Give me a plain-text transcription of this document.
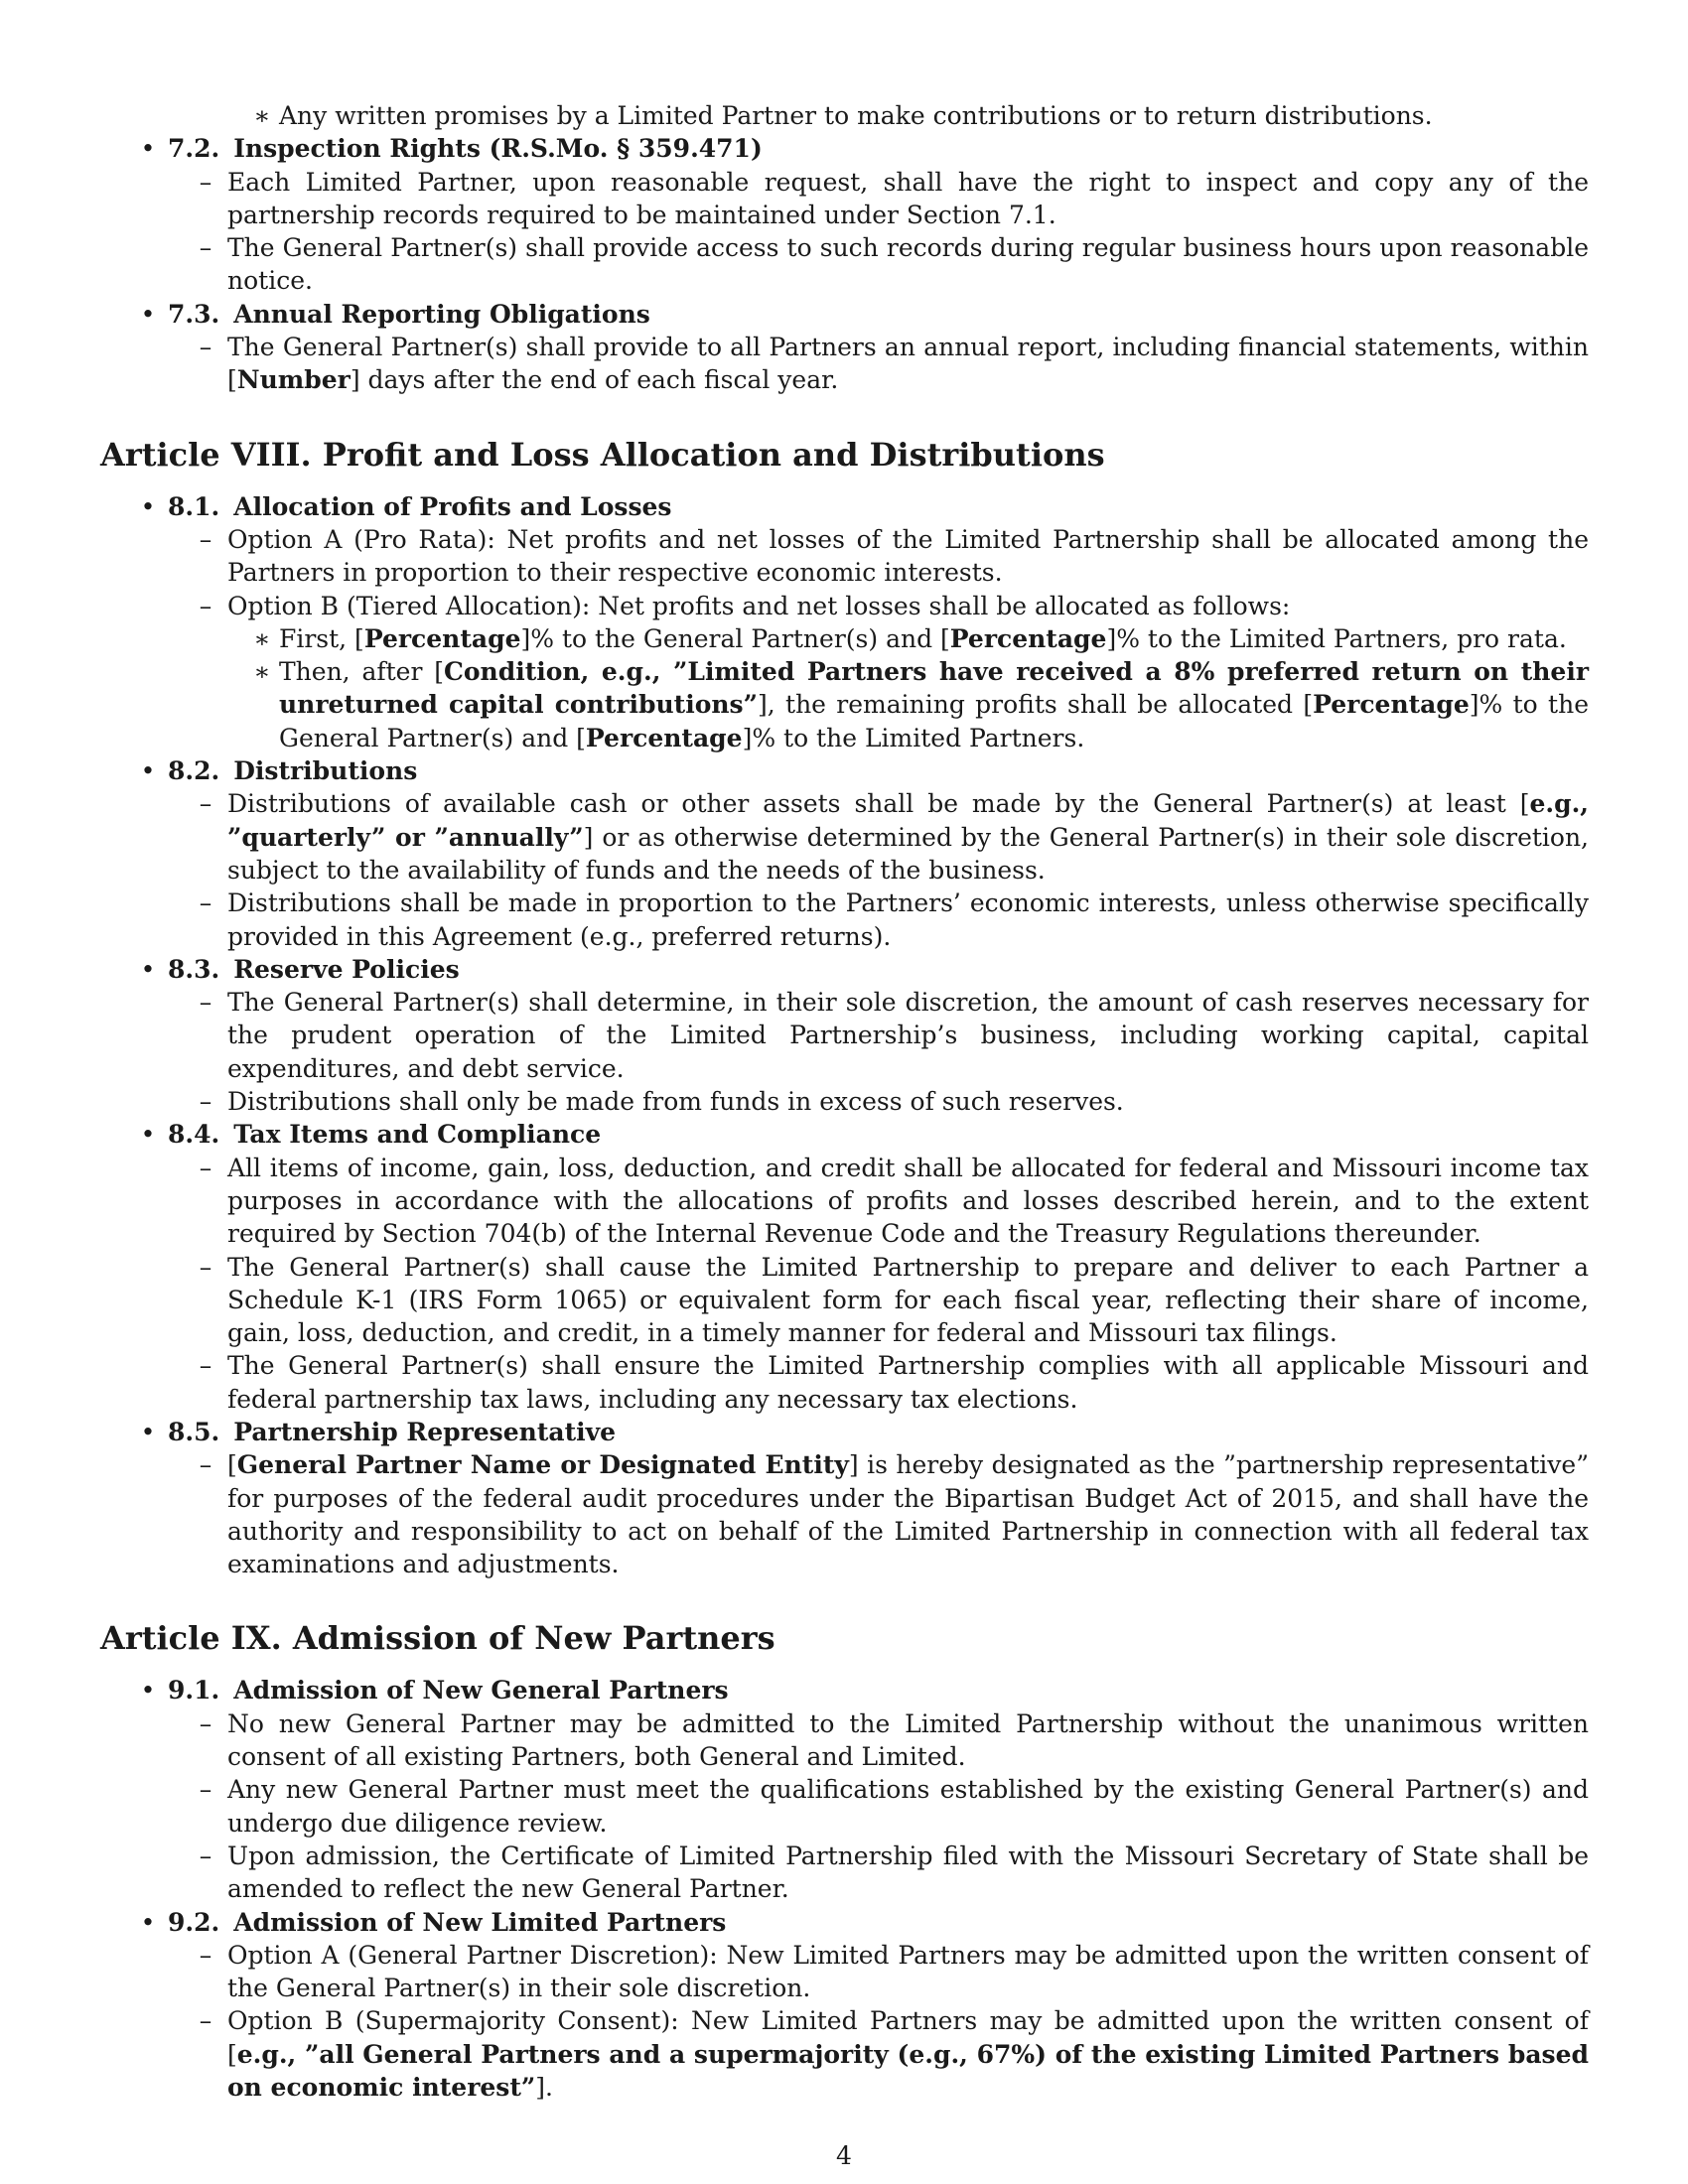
∗ Any written promises by a Limited Partner to make contributions or to return distributions.
• 7.2. Inspection Rights (R.S.Mo. § 359.471)
– Each Limited Partner, upon reasonable request, shall have the right to inspect and copy any of the partnership records required to be maintained under Section 7.1.
– The General Partner(s) shall provide access to such records during regular business hours upon reasonable notice.
• 7.3. Annual Reporting Obligations
– The General Partner(s) shall provide to all Partners an annual report, including financial statements, within [Number] days after the end of each fiscal year.
Article VIII. Profit and Loss Allocation and Distributions
• 8.1. Allocation of Profits and Losses
– Option A (Pro Rata): Net profits and net losses of the Limited Partnership shall be allocated among the Partners in proportion to their respective economic interests.
– Option B (Tiered Allocation): Net profits and net losses shall be allocated as follows:
∗ First, [Percentage]% to the General Partner(s) and [Percentage]% to the Limited Partners, pro rata.
∗ Then, after [Condition, e.g., ”Limited Partners have received a 8% preferred return on their unreturned capital contributions”], the remaining profits shall be allocated [Percentage]% to the General Partner(s) and [Percentage]% to the Limited Partners.
• 8.2. Distributions
– Distributions of available cash or other assets shall be made by the General Partner(s) at least [e.g., ”quarterly” or ”annually”] or as otherwise determined by the General Partner(s) in their sole discretion, subject to the availability of funds and the needs of the business.
– Distributions shall be made in proportion to the Partners’ economic interests, unless otherwise specifically provided in this Agreement (e.g., preferred returns).
• 8.3. Reserve Policies
– The General Partner(s) shall determine, in their sole discretion, the amount of cash reserves necessary for the prudent operation of the Limited Partnership’s business, including working capital, capital expenditures, and debt service.
– Distributions shall only be made from funds in excess of such reserves.
• 8.4. Tax Items and Compliance
– All items of income, gain, loss, deduction, and credit shall be allocated for federal and Missouri income tax purposes in accordance with the allocations of profits and losses described herein, and to the extent required by Section 704(b) of the Internal Revenue Code and the Treasury Regulations thereunder.
– The General Partner(s) shall cause the Limited Partnership to prepare and deliver to each Partner a Schedule K-1 (IRS Form 1065) or equivalent form for each fiscal year, reflecting their share of income, gain, loss, deduction, and credit, in a timely manner for federal and Missouri tax filings.
– The General Partner(s) shall ensure the Limited Partnership complies with all applicable Missouri and federal partnership tax laws, including any necessary tax elections.
• 8.5. Partnership Representative
– [General Partner Name or Designated Entity] is hereby designated as the ”partnership representative” for purposes of the federal audit procedures under the Bipartisan Budget Act of 2015, and shall have the authority and responsibility to act on behalf of the Limited Partnership in connection with all federal tax examinations and adjustments.
Article IX. Admission of New Partners
• 9.1. Admission of New General Partners
– No new General Partner may be admitted to the Limited Partnership without the unanimous written consent of all existing Partners, both General and Limited.
– Any new General Partner must meet the qualifications established by the existing General Partner(s) and undergo due diligence review.
– Upon admission, the Certificate of Limited Partnership filed with the Missouri Secretary of State shall be amended to reflect the new General Partner.
• 9.2. Admission of New Limited Partners
– Option A (General Partner Discretion): New Limited Partners may be admitted upon the written consent of the General Partner(s) in their sole discretion.
– Option B (Supermajority Consent): New Limited Partners may be admitted upon the written consent of [e.g., ”all General Partners and a supermajority (e.g., 67%) of the existing Limited Partners based on economic interest”].
4
